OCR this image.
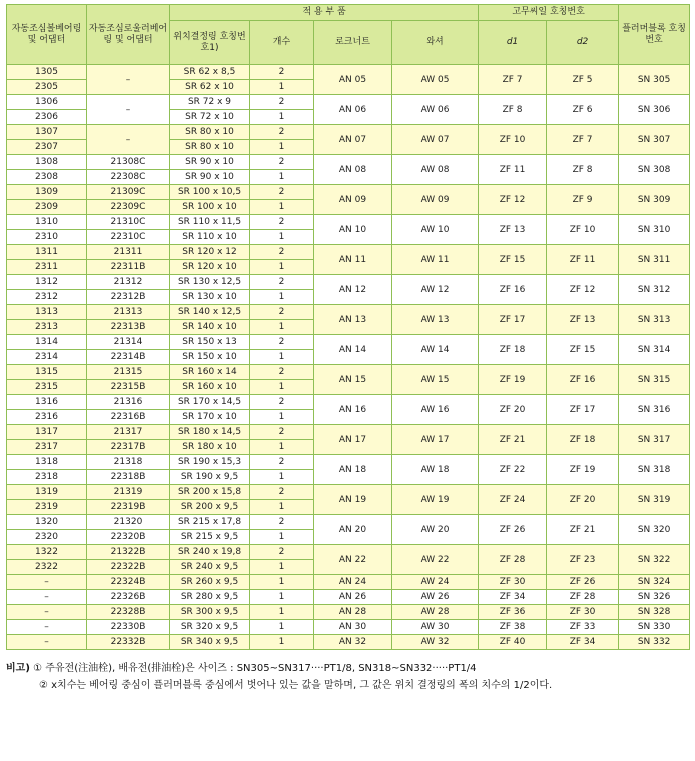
자동조심볼베어링 및 어댑터	자동조심로울러베어링 및 어댑터	적 용 부 품				고무씨일 호칭번호		플러머블록 호칭 번호
		위치결정링 호칭번호1)	개수	로크너트	와셔	d1	d2	
1305	–	SR 62 x 8,5	2	AN 05	AW 05	ZF 7	ZF 5	SN 305
2305		SR 62 x 10	1					
1306	–	SR 72 x 9	2	AN 06	AW 06	ZF 8	ZF 6	SN 306
2306		SR 72 x 10	1					
1307	–	SR 80 x 10	2	AN 07	AW 07	ZF 10	ZF 7	SN 307
2307		SR 80 x 10	1					
1308	21308C	SR 90 x 10	2	AN 08	AW 08	ZF 11	ZF 8	SN 308
2308	22308C	SR 90 x 10	1					
1309	21309C	SR 100 x 10,5	2	AN 09	AW 09	ZF 12	ZF 9	SN 309
2309	22309C	SR 100 x 10	1					
1310	21310C	SR 110 x 11,5	2	AN 10	AW 10	ZF 13	ZF 10	SN 310
2310	22310C	SR 110 x 10	1					
1311	21311	SR 120 x 12	2	AN 11	AW 11	ZF 15	ZF 11	SN 311
2311	22311B	SR 120 x 10	1					
1312	21312	SR 130 x 12,5	2	AN 12	AW 12	ZF 16	ZF 12	SN 312
2312	22312B	SR 130 x 10	1					
1313	21313	SR 140 x 12,5	2	AN 13	AW 13	ZF 17	ZF 13	SN 313
2313	22313B	SR 140 x 10	1					
1314	21314	SR 150 x 13	2	AN 14	AW 14	ZF 18	ZF 15	SN 314
2314	22314B	SR 150 x 10	1					
1315	21315	SR 160 x 14	2	AN 15	AW 15	ZF 19	ZF 16	SN 315
2315	22315B	SR 160 x 10	1					
1316	21316	SR 170 x 14,5	2	AN 16	AW 16	ZF 20	ZF 17	SN 316
2316	22316B	SR 170 x 10	1					
1317	21317	SR 180 x 14,5	2	AN 17	AW 17	ZF 21	ZF 18	SN 317
2317	22317B	SR 180 x 10	1					
1318	21318	SR 190 x 15,3	2	AN 18	AW 18	ZF 22	ZF 19	SN 318
2318	22318B	SR 190 x 9,5	1					
1319	21319	SR 200 x 15,8	2	AN 19	AW 19	ZF 24	ZF 20	SN 319
2319	22319B	SR 200 x 9,5	1					
1320	21320	SR 215 x 17,8	2	AN 20	AW 20	ZF 26	ZF 21	SN 320
2320	22320B	SR 215 x 9,5	1					
1322	21322B	SR 240 x 19,8	2	AN 22	AW 22	ZF 28	ZF 23	SN 322
2322	22322B	SR 240 x 9,5	1					
–	22324B	SR 260 x 9,5	1	AN 24	AW 24	ZF 30	ZF 26	SN 324
–	22326B	SR 280 x 9,5	1	AN 26	AW 26	ZF 34	ZF 28	SN 326
–	22328B	SR 300 x 9,5	1	AN 28	AW 28	ZF 36	ZF 30	SN 328
–	22330B	SR 320 x 9,5	1	AN 30	AW 30	ZF 38	ZF 33	SN 330
–	22332B	SR 340 x 9,5	1	AN 32	AW 32	ZF 40	ZF 34	SN 332
비고) ① 주유전(注油栓), 배유전(排油栓)은 사이즈 : SN305~SN317····PT1/8, SN318~SN332·····PT1/4
② x치수는 베어링 중심이 플러머블록 중심에서 벗어나 있는 값을 말하며, 그 값은 위치 결정링의 폭의 치수의 1/2이다.
